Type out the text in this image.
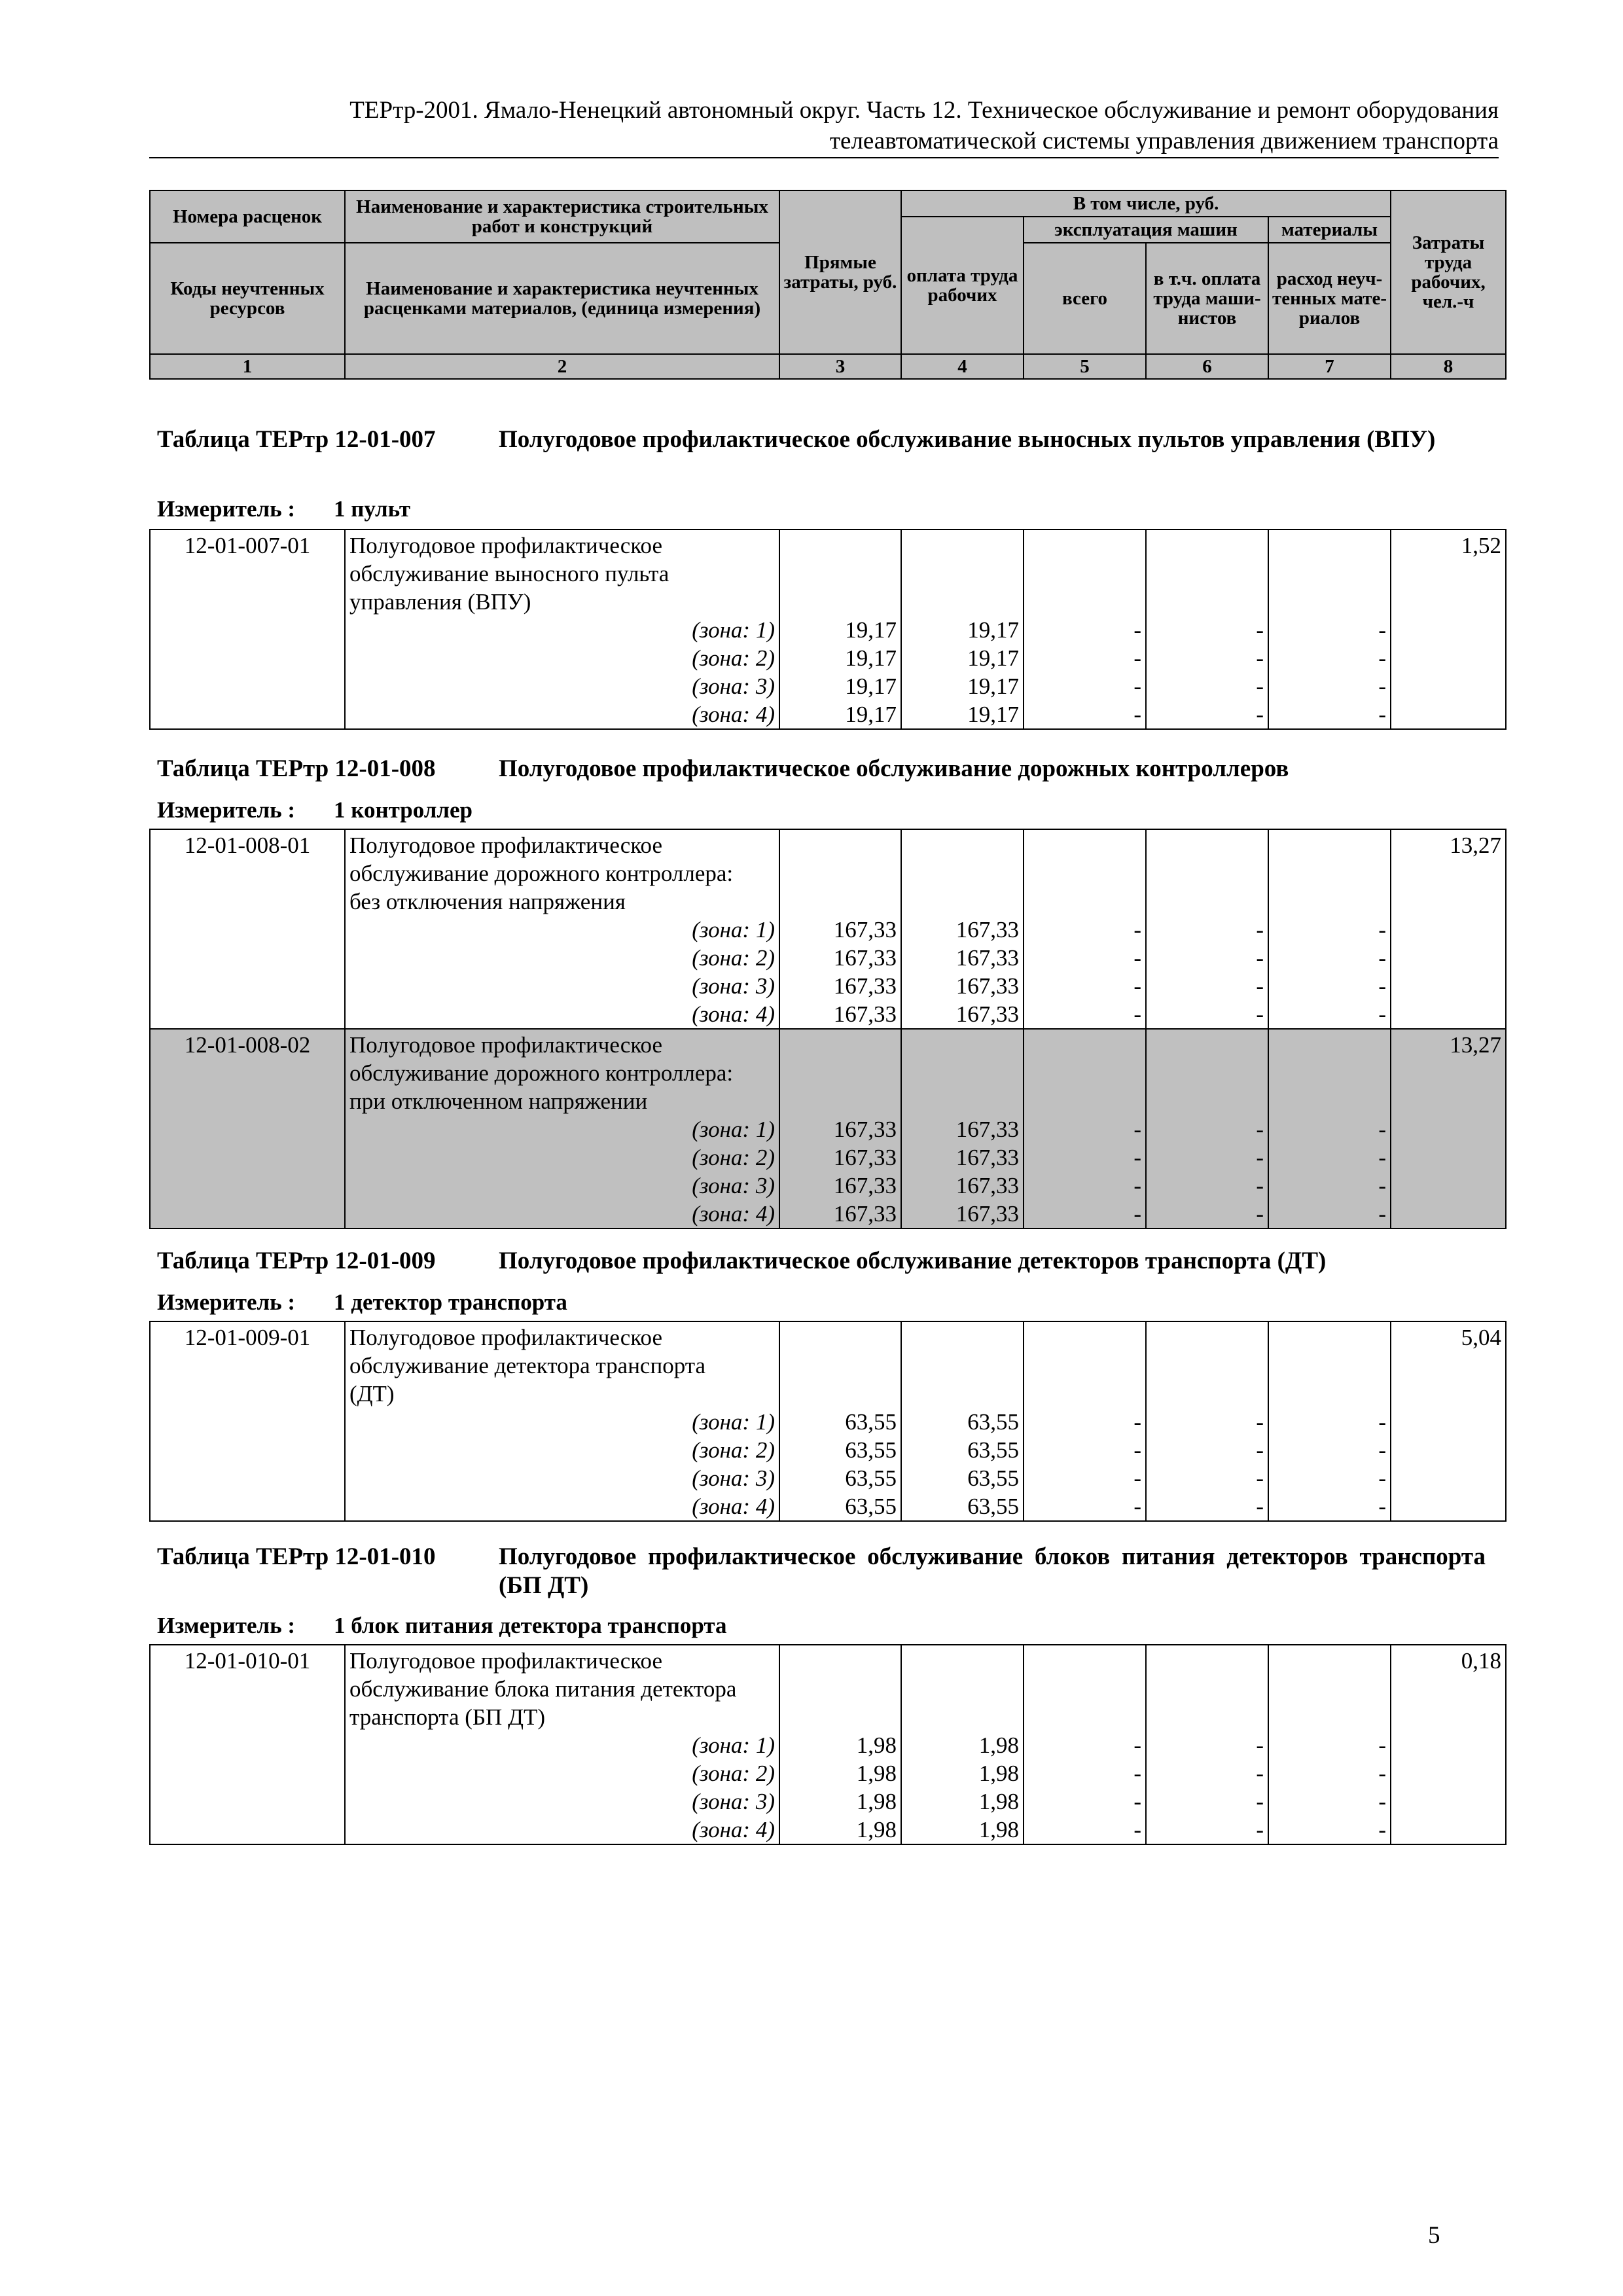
ТЕРтр-2001. Ямало-Ненецкий автономный округ. Часть 12. Техническое обслуживание и ремонт оборудования
телеавтоматической системы управления движением транспорта
Номера расценок	Наименование и характеристика строительных работ и конструкций	Прямые затраты, руб.	В том числе, руб.				Затраты труда рабочих, чел.-ч
			оплата труда рабочих	эксплуатация машин		материалы	
Коды неучтенных ресурсов	Наименование и характеристика неучтенных расценками материалов, (единица измерения)			всего	в т.ч. оплата труда маши-нистов	расход неуч-тенных мате-риалов	

1	2	3	4	5	6	7	8
Таблица ТЕРтр 12-01-007	Полугодовое профилактическое обслуживание выносных пультов управления (ВПУ)
Измеритель : 1 пульт
12-01-007-01	Полугодовое профилактическое						1,52
	обслуживание выносного пульта						
	управления (ВПУ)						
	(зона: 1)	19,17	19,17	-	-	-	
	(зона: 2)	19,17	19,17	-	-	-	
	(зона: 3)	19,17	19,17	-	-	-	
	(зона: 4)	19,17	19,17	-	-	-	
Таблица ТЕРтр 12-01-008	Полугодовое профилактическое обслуживание дорожных контроллеров
Измеритель : 1 контроллер
12-01-008-01	Полугодовое профилактическое						13,27
	обслуживание дорожного контроллера:						
	без отключения напряжения						
	(зона: 1)	167,33	167,33	-	-	-	
	(зона: 2)	167,33	167,33	-	-	-	
	(зона: 3)	167,33	167,33	-	-	-	
	(зона: 4)	167,33	167,33	-	-	-	
12-01-008-02	Полугодовое профилактическое						13,27
	обслуживание дорожного контроллера:						
	при отключенном напряжении						
	(зона: 1)	167,33	167,33	-	-	-	
	(зона: 2)	167,33	167,33	-	-	-	
	(зона: 3)	167,33	167,33	-	-	-	
	(зона: 4)	167,33	167,33	-	-	-	
Таблица ТЕРтр 12-01-009	Полугодовое профилактическое обслуживание детекторов транспорта (ДТ)
Измеритель : 1 детектор транспорта
12-01-009-01	Полугодовое профилактическое						5,04
	обслуживание детектора транспорта						
	(ДТ)						
	(зона: 1)	63,55	63,55	-	-	-	
	(зона: 2)	63,55	63,55	-	-	-	
	(зона: 3)	63,55	63,55	-	-	-	
	(зона: 4)	63,55	63,55	-	-	-	
Таблица ТЕРтр 12-01-010	Полугодовое профилактическое обслуживание блоков питания детекторов транспорта (БП ДТ)
Измеритель : 1 блок питания детектора транспорта
12-01-010-01	Полугодовое профилактическое						0,18
	обслуживание блока питания детектора						
	транспорта (БП ДТ)						
	(зона: 1)	1,98	1,98	-	-	-	
	(зона: 2)	1,98	1,98	-	-	-	
	(зона: 3)	1,98	1,98	-	-	-	
	(зона: 4)	1,98	1,98	-	-	-	
5
